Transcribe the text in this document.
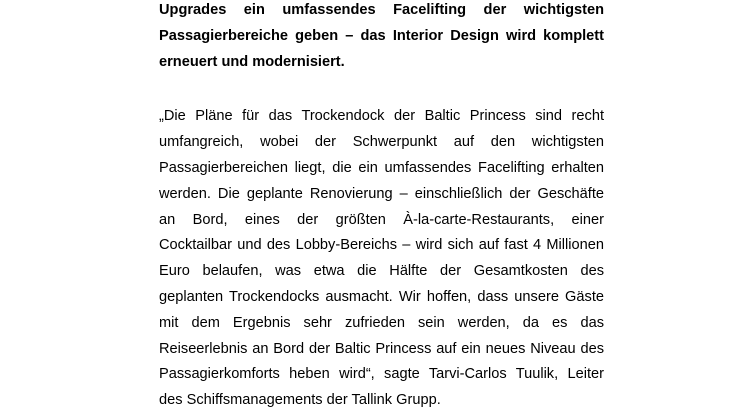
Upgrades ein umfassendes Facelifting der wichtigsten
Passagierbereiche geben – das Interior Design wird komplett
erneuert und modernisiert.
„Die Pläne für das Trockendock der Baltic Princess sind recht
umfangreich, wobei der Schwerpunkt auf den wichtigsten
Passagierbereichen liegt, die ein umfassendes Facelifting erhalten
werden. Die geplante Renovierung – einschließlich der Geschäfte
an Bord, eines der größten À-la-carte-Restaurants, einer
Cocktailbar und des Lobby-Bereichs – wird sich auf fast 4 Millionen
Euro belaufen, was etwa die Hälfte der Gesamtkosten des
geplanten Trockendocks ausmacht. Wir hoffen, dass unsere Gäste
mit dem Ergebnis sehr zufrieden sein werden, da es das
Reiseerlebnis an Bord der Baltic Princess auf ein neues Niveau des
Passagierkomforts heben wird“, sagte Tarvi-Carlos Tuulik, Leiter
des Schiffsmanagements der Tallink Grupp.
